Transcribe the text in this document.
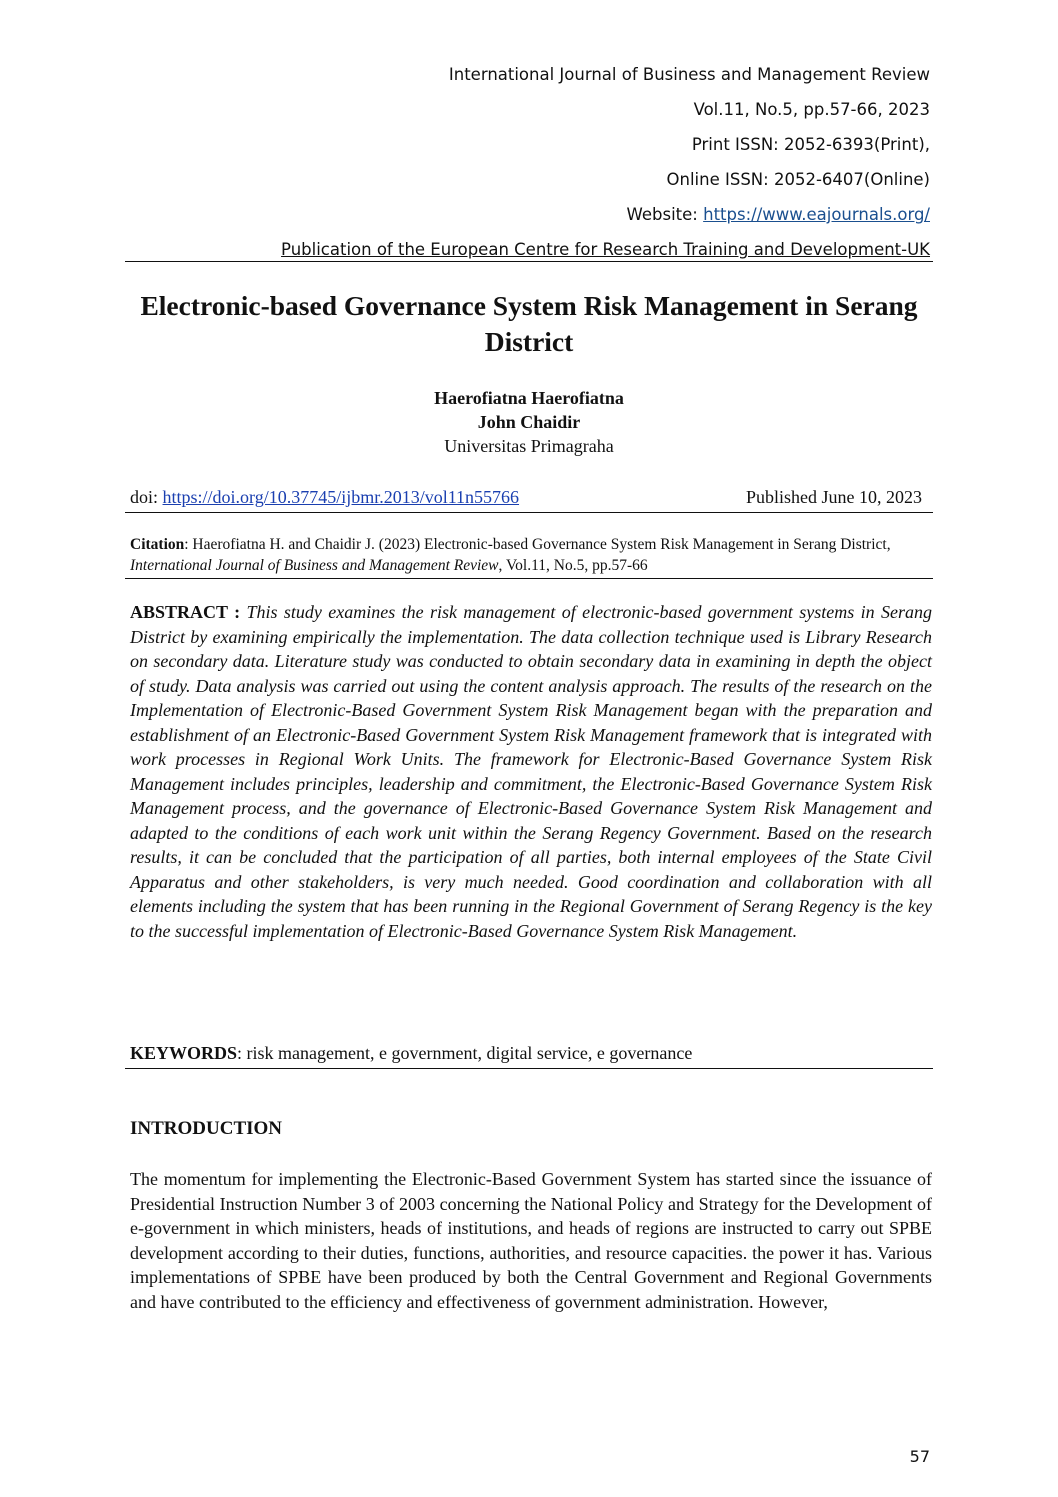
International Journal of Business and Management Review
Vol.11, No.5, pp.57-66, 2023
Print ISSN: 2052-6393(Print),
Online ISSN: 2052-6407(Online)
Website: https://www.eajournals.org/
Publication of the European Centre for Research Training and Development-UK
Electronic-based Governance System Risk Management in Serang District
Haerofiatna Haerofiatna
John Chaidir
Universitas Primagraha
doi: https://doi.org/10.37745/ijbmr.2013/vol11n55766	Published June 10, 2023
Citation: Haerofiatna H. and Chaidir J. (2023) Electronic-based Governance System Risk Management in Serang District, International Journal of Business and Management Review, Vol.11, No.5, pp.57-66
ABSTRACT : This study examines the risk management of electronic-based government systems in Serang District by examining empirically the implementation. The data collection technique used is Library Research on secondary data. Literature study was conducted to obtain secondary data in examining in depth the object of study. Data analysis was carried out using the content analysis approach. The results of the research on the Implementation of Electronic-Based Government System Risk Management began with the preparation and establishment of an Electronic-Based Government System Risk Management framework that is integrated with work processes in Regional Work Units. The framework for Electronic-Based Governance System Risk Management includes principles, leadership and commitment, the Electronic-Based Governance System Risk Management process, and the governance of Electronic-Based Governance System Risk Management and adapted to the conditions of each work unit within the Serang Regency Government. Based on the research results, it can be concluded that the participation of all parties, both internal employees of the State Civil Apparatus and other stakeholders, is very much needed. Good coordination and collaboration with all elements including the system that has been running in the Regional Government of Serang Regency is the key to the successful implementation of Electronic-Based Governance System Risk Management.
KEYWORDS: risk management, e government, digital service, e governance
INTRODUCTION
The momentum for implementing the Electronic-Based Government System has started since the issuance of Presidential Instruction Number 3 of 2003 concerning the National Policy and Strategy for the Development of e-government in which ministers, heads of institutions, and heads of regions are instructed to carry out SPBE development according to their duties, functions, authorities, and resource capacities. the power it has. Various implementations of SPBE have been produced by both the Central Government and Regional Governments and have contributed to the efficiency and effectiveness of government administration. However,
57
